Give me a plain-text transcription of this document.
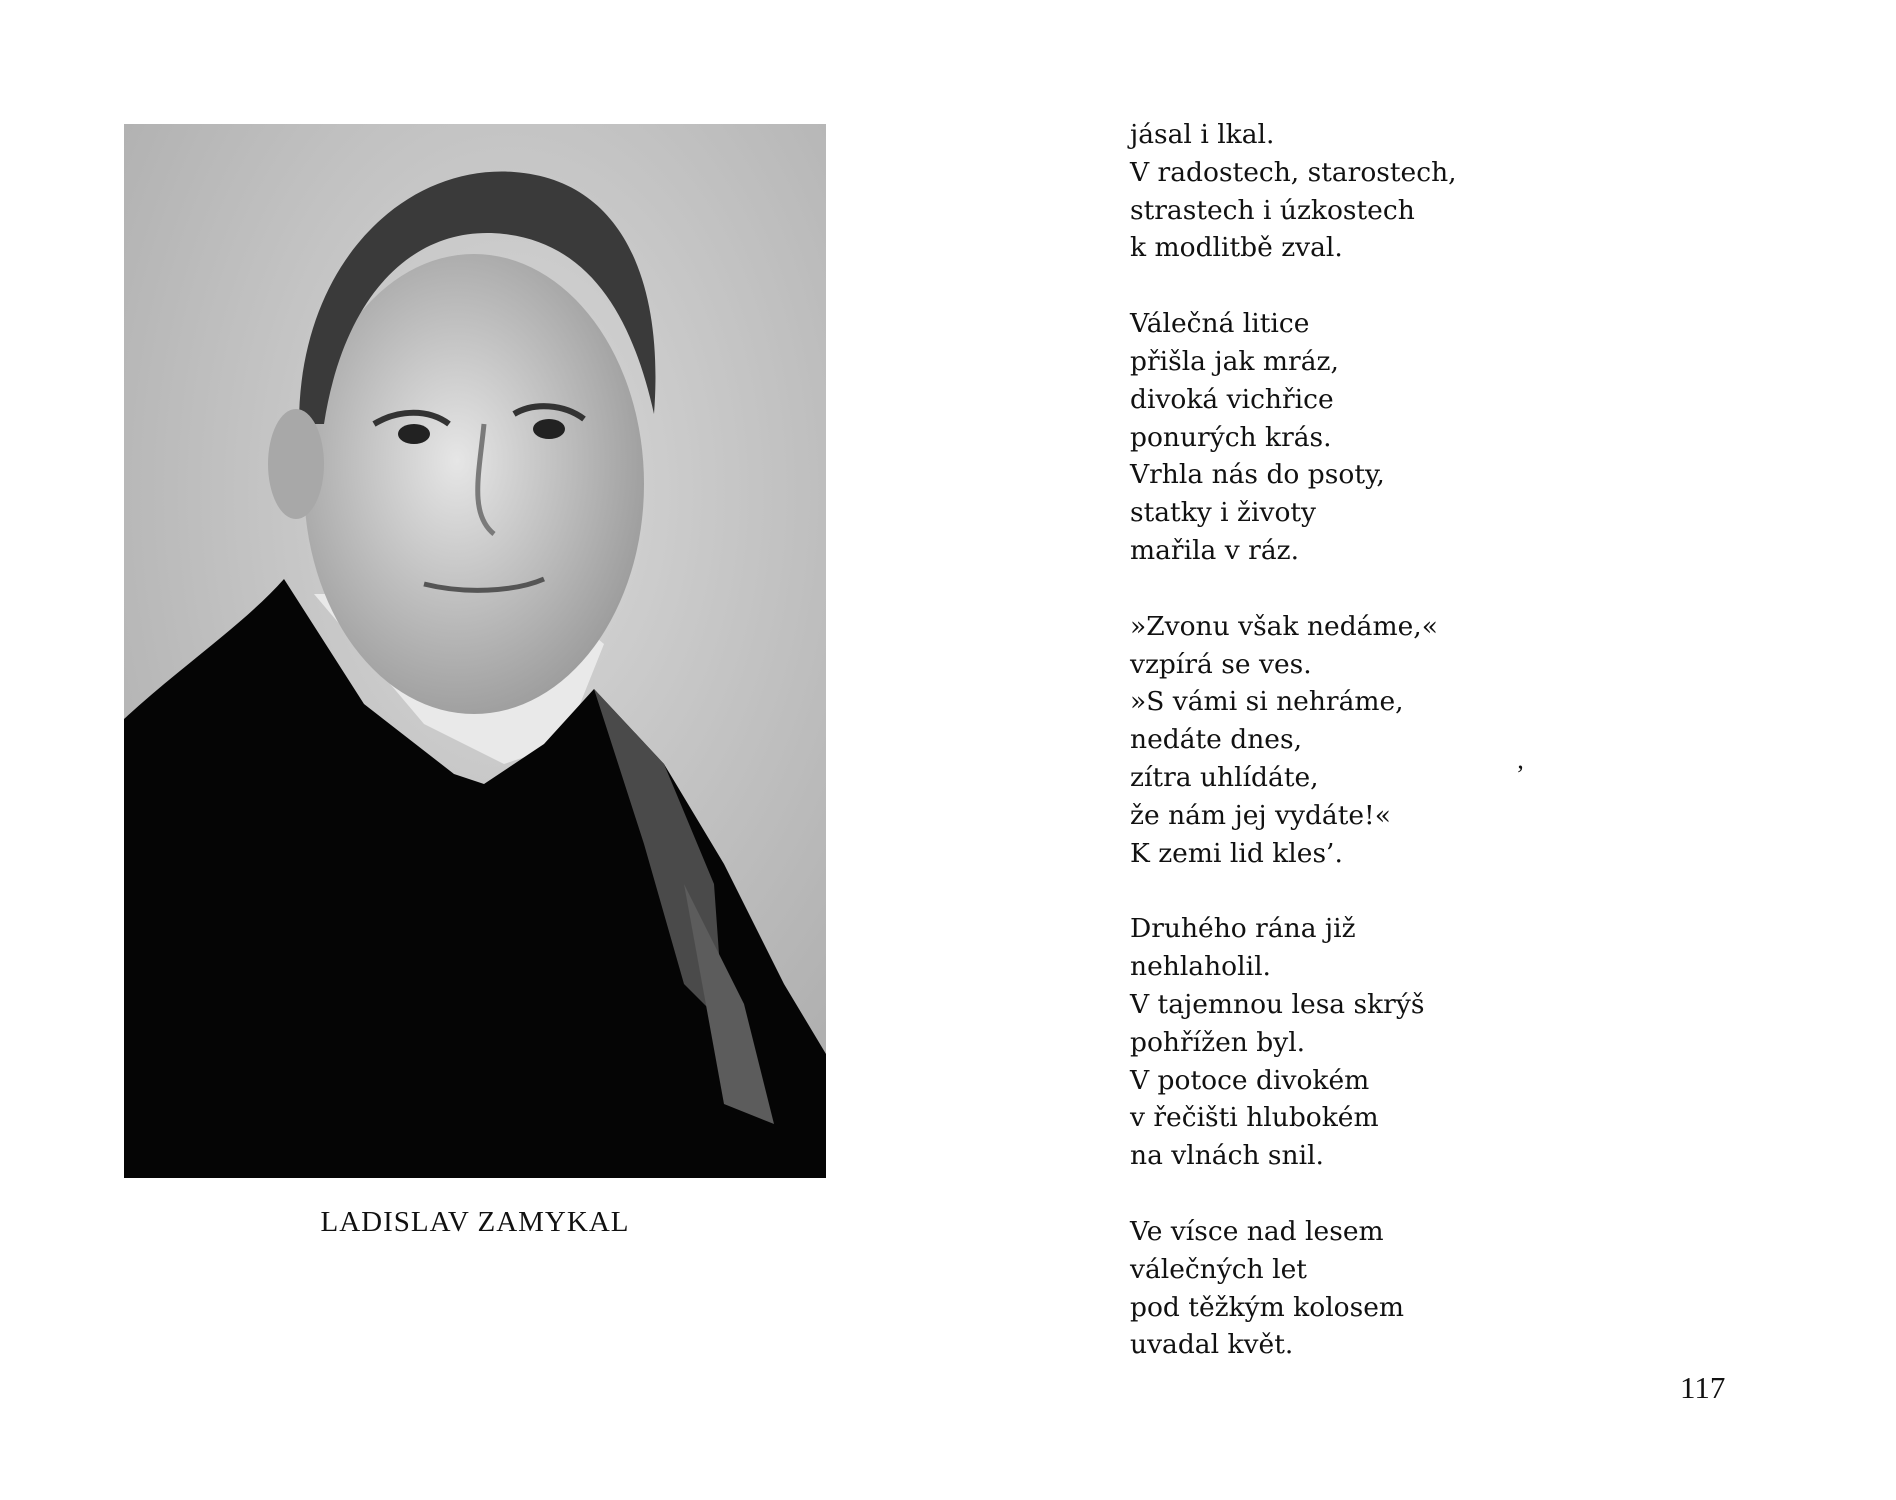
LADISLAV ZAMYKAL
jásal i lkal.
V radostech, starostech,
strastech i úzkostech
k modlitbě zval.
Válečná litice
přišla jak mráz,
divoká vichřice
ponurých krás.
Vrhla nás do psoty,
statky i životy
mařila v ráz.
»Zvonu však nedáme,«
vzpírá se ves.
»S vámi si nehráme,
nedáte dnes,
zítra uhlídáte,
že nám jej vydáte!«
K zemi lid kles’.
Druhého rána již
nehlaholil.
V tajemnou lesa skrýš
pohřížen byl.
V potoce divokém
v řečišti hlubokém
na vlnách snil.
Ve vísce nad lesem
válečných let
pod těžkým kolosem
uvadal květ.
’
117
